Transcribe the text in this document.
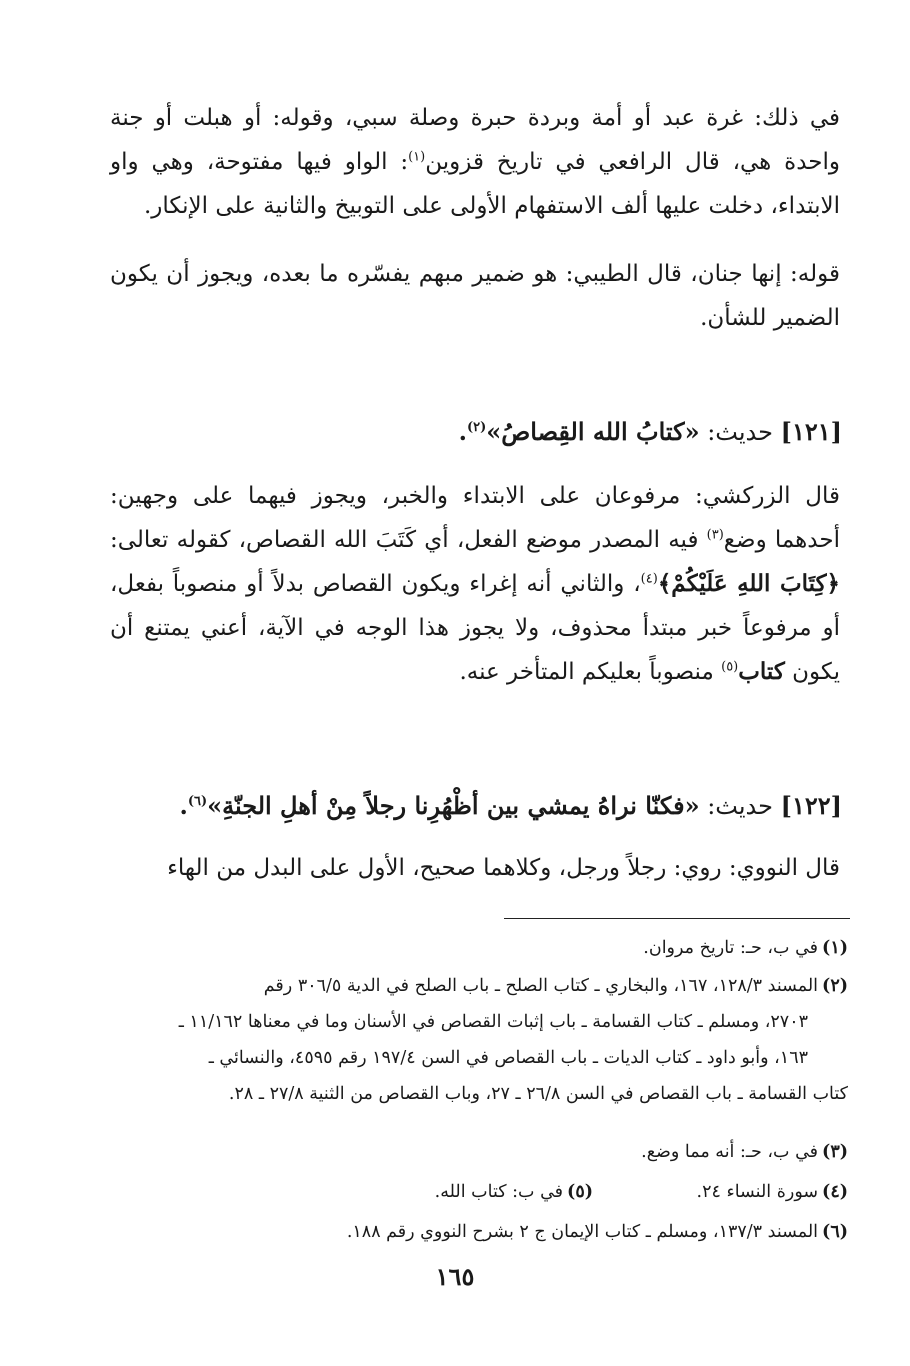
في ذلك: غرة عبد أو أمة وبردة حبرة وصلة سبي، وقوله: أو هبلت أو جنة واحدة هي، قال الرافعي في تاريخ قزوين$^{(١)}$: الواو فيها مفتوحة، وهي واو الابتداء، دخلت عليها ألف الاستفهام الأولى على التوبيخ والثانية على الإنكار.

قوله: إنها جنان، قال الطيبي: هو ضمير مبهم يفسّره ما بعده، ويجوز أن يكون الضمير للشأن.

[١٢١] حديث: «كتابُ الله القِصاصُ»$^{(٢)}$.

قال الزركشي: مرفوعان على الابتداء والخبر، ويجوز فيهما على وجهين: أحدهما وضع$^{(٣)}$ فيه المصدر موضع الفعل، أي كَتَبَ الله القصاص، كقوله تعالى: ﴿كِتَابَ اللهِ عَلَيْكُمْ﴾$^{(٤)}$، والثاني أنه إغراء ويكون القصاص بدلاً أو منصوباً بفعل، أو مرفوعاً خبر مبتدأ محذوف، ولا يجوز هذا الوجه في الآية، أعني يمتنع أن يكون كتاب$^{(٥)}$ منصوباً بعليكم المتأخر عنه.

[١٢٢] حديث: «فكنّا نراهُ يمشي بين أظْهُرِنا رجلاً مِنْ أهلِ الجنّةِ»$^{(٦)}$.

قال النووي: روي: رجلاً ورجل، وكلاهما صحيح، الأول على البدل من الهاء

(١)في ب، حـ: تاريخ مروان.

(٢)المسند ١٢٨/٣، ١٦٧، والبخاري ـ كتاب الصلح ـ باب الصلح في الدية ٣٠٦/٥ رقم
٢٧٠٣، ومسلم ـ كتاب القسامة ـ باب إثبات القصاص في الأسنان وما في معناها ١١/١٦٢ ـ
١٦٣، وأبو داود ـ كتاب الديات ـ باب القصاص في السن ١٩٧/٤ رقم ٤٥٩٥، والنسائي ـ
كتاب القسامة ـ باب القصاص في السن ٢٦/٨ ـ ٢٧، وباب القصاص من الثنية ٢٧/٨ ـ ٢٨.

(٣)في ب، حـ: أنه مما وضع.

(٤)سورة النساء ٢٤.
(٥)في ب: كتاب الله.

(٦)المسند ١٣٧/٣، ومسلم ـ كتاب الإيمان ج ٢ بشرح النووي رقم ١٨٨.

١٦٥
